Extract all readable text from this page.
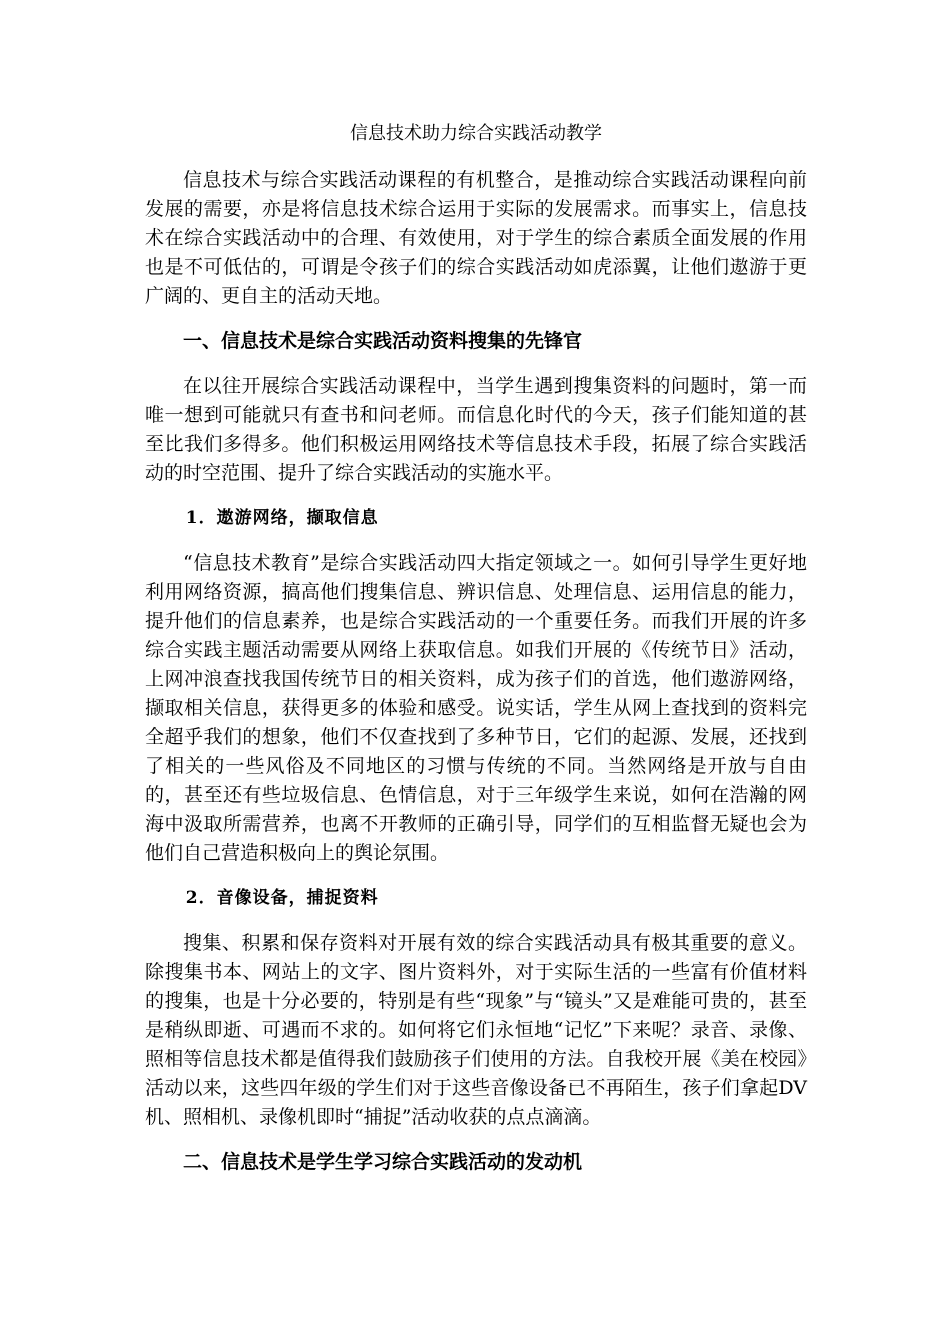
信息技术助力综合实践活动教学

信息技术与综合实践活动课程的有机整合，是推动综合实践活动课程向前发展的需要，亦是将信息技术综合运用于实际的发展需求。而事实上，信息技术在综合实践活动中的合理、有效使用，对于学生的综合素质全面发展的作用也是不可低估的，可谓是令孩子们的综合实践活动如虎添翼，让他们遨游于更广阔的、更自主的活动天地。

一、信息技术是综合实践活动资料搜集的先锋官

在以往开展综合实践活动课程中，当学生遇到搜集资料的问题时，第一而唯一想到可能就只有查书和问老师。而信息化时代的今天，孩子们能知道的甚至比我们多得多。他们积极运用网络技术等信息技术手段，拓展了综合实践活动的时空范围、提升了综合实践活动的实施水平。

1．遨游网络，撷取信息

“信息技术教育”是综合实践活动四大指定领域之一。如何引导学生更好地利用网络资源，搞高他们搜集信息、辨识信息、处理信息、运用信息的能力，提升他们的信息素养，也是综合实践活动的一个重要任务。而我们开展的许多综合实践主题活动需要从网络上获取信息。如我们开展的《传统节日》活动，上网冲浪查找我国传统节日的相关资料，成为孩子们的首选，他们遨游网络，撷取相关信息，获得更多的体验和感受。说实话，学生从网上查找到的资料完全超乎我们的想象，他们不仅查找到了多种节日，它们的起源、发展，还找到了相关的一些风俗及不同地区的习惯与传统的不同。当然网络是开放与自由的，甚至还有些垃圾信息、色情信息，对于三年级学生来说，如何在浩瀚的网海中汲取所需营养，也离不开教师的正确引导，同学们的互相监督无疑也会为他们自己营造积极向上的舆论氛围。

2．音像设备，捕捉资料

搜集、积累和保存资料对开展有效的综合实践活动具有极其重要的意义。除搜集书本、网站上的文字、图片资料外，对于实际生活的一些富有价值材料的搜集，也是十分必要的，特别是有些“现象”与“镜头”又是难能可贵的，甚至是稍纵即逝、可遇而不求的。如何将它们永恒地“记忆”下来呢？录音、录像、照相等信息技术都是值得我们鼓励孩子们使用的方法。自我校开展《美在校园》活动以来，这些四年级的学生们对于这些音像设备已不再陌生，孩子们拿起DV机、照相机、录像机即时“捕捉”活动收获的点点滴滴。

二、信息技术是学生学习综合实践活动的发动机
